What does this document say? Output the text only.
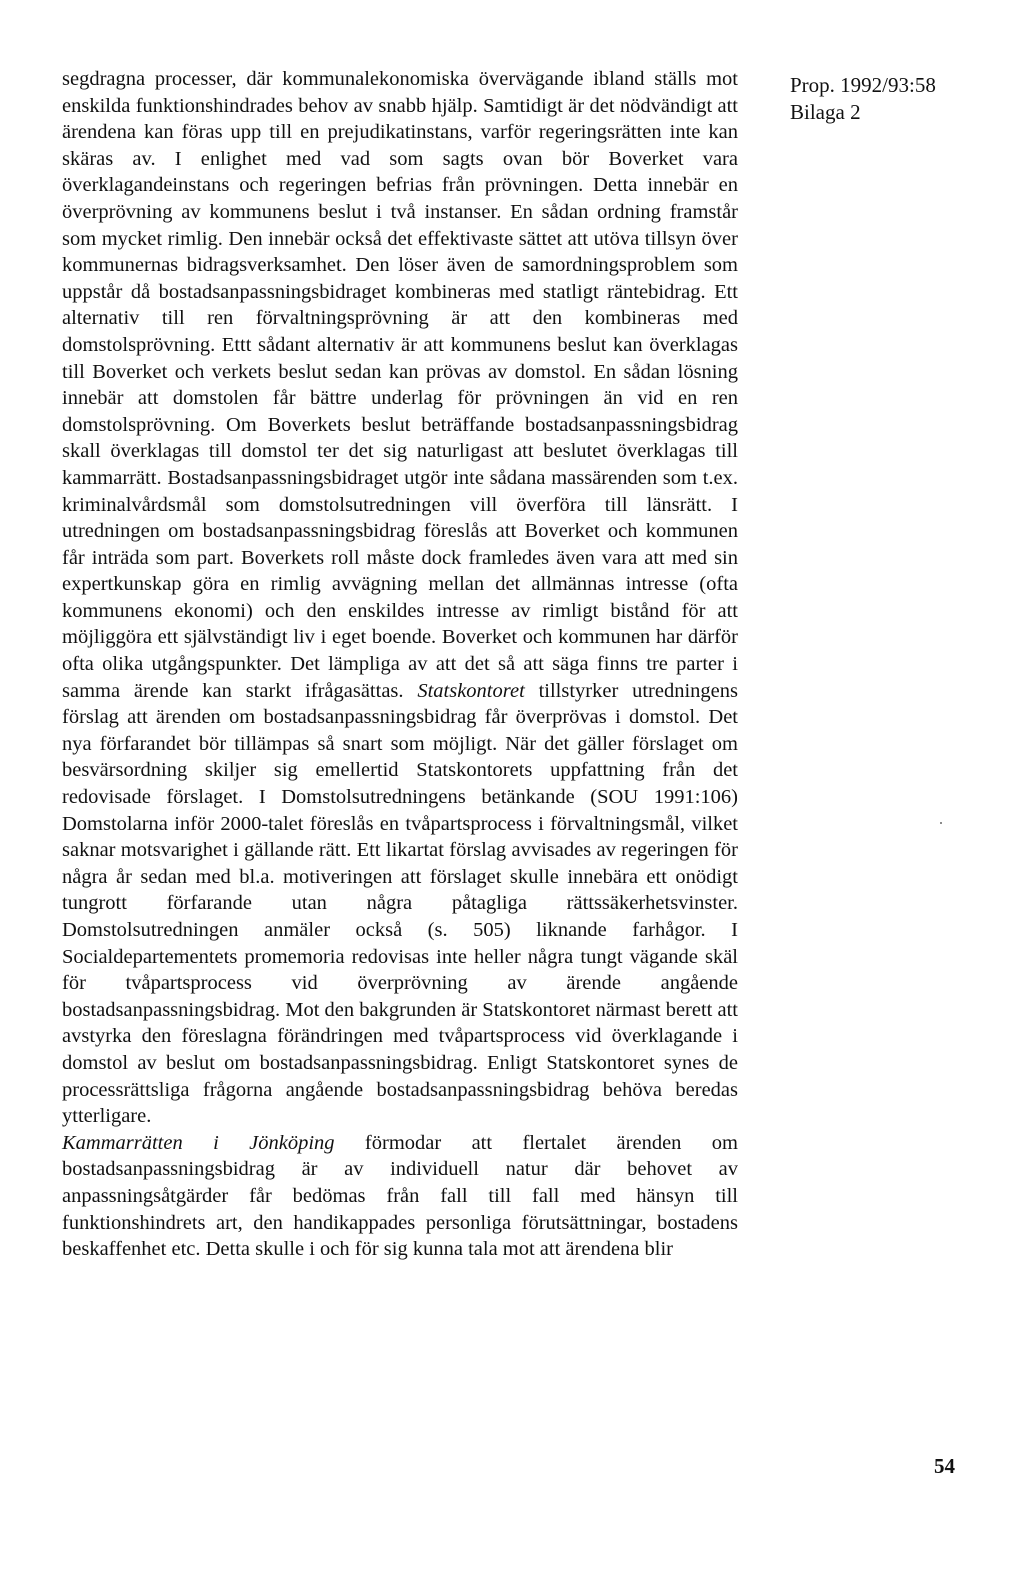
segdragna processer, där kommunalekonomiska övervägande ibland ställs mot enskilda funktionshindrades behov av snabb hjälp. Samtidigt är det nödvändigt att ärendena kan föras upp till en prejudikatinstans, varför regeringsrätten inte kan skäras av. I enlighet med vad som sagts ovan bör Boverket vara överklagandeinstans och regeringen befrias från prövningen. Detta innebär en överprövning av kommunens beslut i två instanser. En sådan ordning framstår som mycket rimlig. Den innebär också det effektivaste sättet att utöva tillsyn över kommunernas bidragsverksamhet. Den löser även de samordningsproblem som uppstår då bostadsanpassningsbidraget kombineras med statligt räntebidrag. Ett alternativ till ren förvaltningsprövning är att den kombineras med domstolsprövning. Ettt sådant alternativ är att kommunens beslut kan överklagas till Boverket och verkets beslut sedan kan prövas av domstol. En sådan lösning innebär att domstolen får bättre underlag för prövningen än vid en ren domstolsprövning. Om Boverkets beslut beträffande bostadsanpassningsbidrag skall överklagas till domstol ter det sig naturligast att beslutet överklagas till kammarrätt. Bostadsanpassningsbidraget utgör inte sådana massärenden som t.ex. kriminalvårdsmål som domstolsutredningen vill överföra till länsrätt. I utredningen om bostadsanpassningsbidrag föreslås att Boverket och kommunen får inträda som part. Boverkets roll måste dock framledes även vara att med sin expertkunskap göra en rimlig avvägning mellan det allmännas intresse (ofta kommunens ekonomi) och den enskildes intresse av rimligt bistånd för att möjliggöra ett självständigt liv i eget boende. Boverket och kommunen har därför ofta olika utgångspunkter. Det lämpliga av att det så att säga finns tre parter i samma ärende kan starkt ifrågasättas. Statskontoret tillstyrker utredningens förslag att ärenden om bostadsanpassningsbidrag får överprövas i domstol. Det nya förfarandet bör tillämpas så snart som möjligt. När det gäller förslaget om besvärsordning skiljer sig emellertid Statskontorets uppfattning från det redovisade förslaget. I Domstolsutredningens betänkande (SOU 1991:106) Domstolarna inför 2000-talet föreslås en tvåpartsprocess i förvaltningsmål, vilket saknar motsvarighet i gällande rätt. Ett likartat förslag avvisades av regeringen för några år sedan med bl.a. motiveringen att förslaget skulle innebära ett onödigt tungrott förfarande utan några påtagliga rättssäkerhetsvinster. Domstolsutredningen anmäler också (s. 505) liknande farhågor. I Socialdepartementets promemoria redovisas inte heller några tungt vägande skäl för tvåpartsprocess vid överprövning av ärende angående bostadsanpassningsbidrag. Mot den bakgrunden är Statskontoret närmast berett att avstyrka den föreslagna förändringen med tvåpartsprocess vid överklagande i domstol av beslut om bostadsanpassningsbidrag. Enligt Statskontoret synes de processrättsliga frågorna angående bostadsanpassningsbidrag behöva beredas ytterligare.

Kammarrätten i Jönköping förmodar att flertalet ärenden om bostadsanpassningsbidrag är av individuell natur där behovet av anpassningsåtgärder får bedömas från fall till fall med hänsyn till funktionshindrets art, den handikappades personliga förutsättningar, bostadens beskaffenhet etc. Detta skulle i och för sig kunna tala mot att ärendena blir

Prop. 1992/93:58
Bilaga 2
54
